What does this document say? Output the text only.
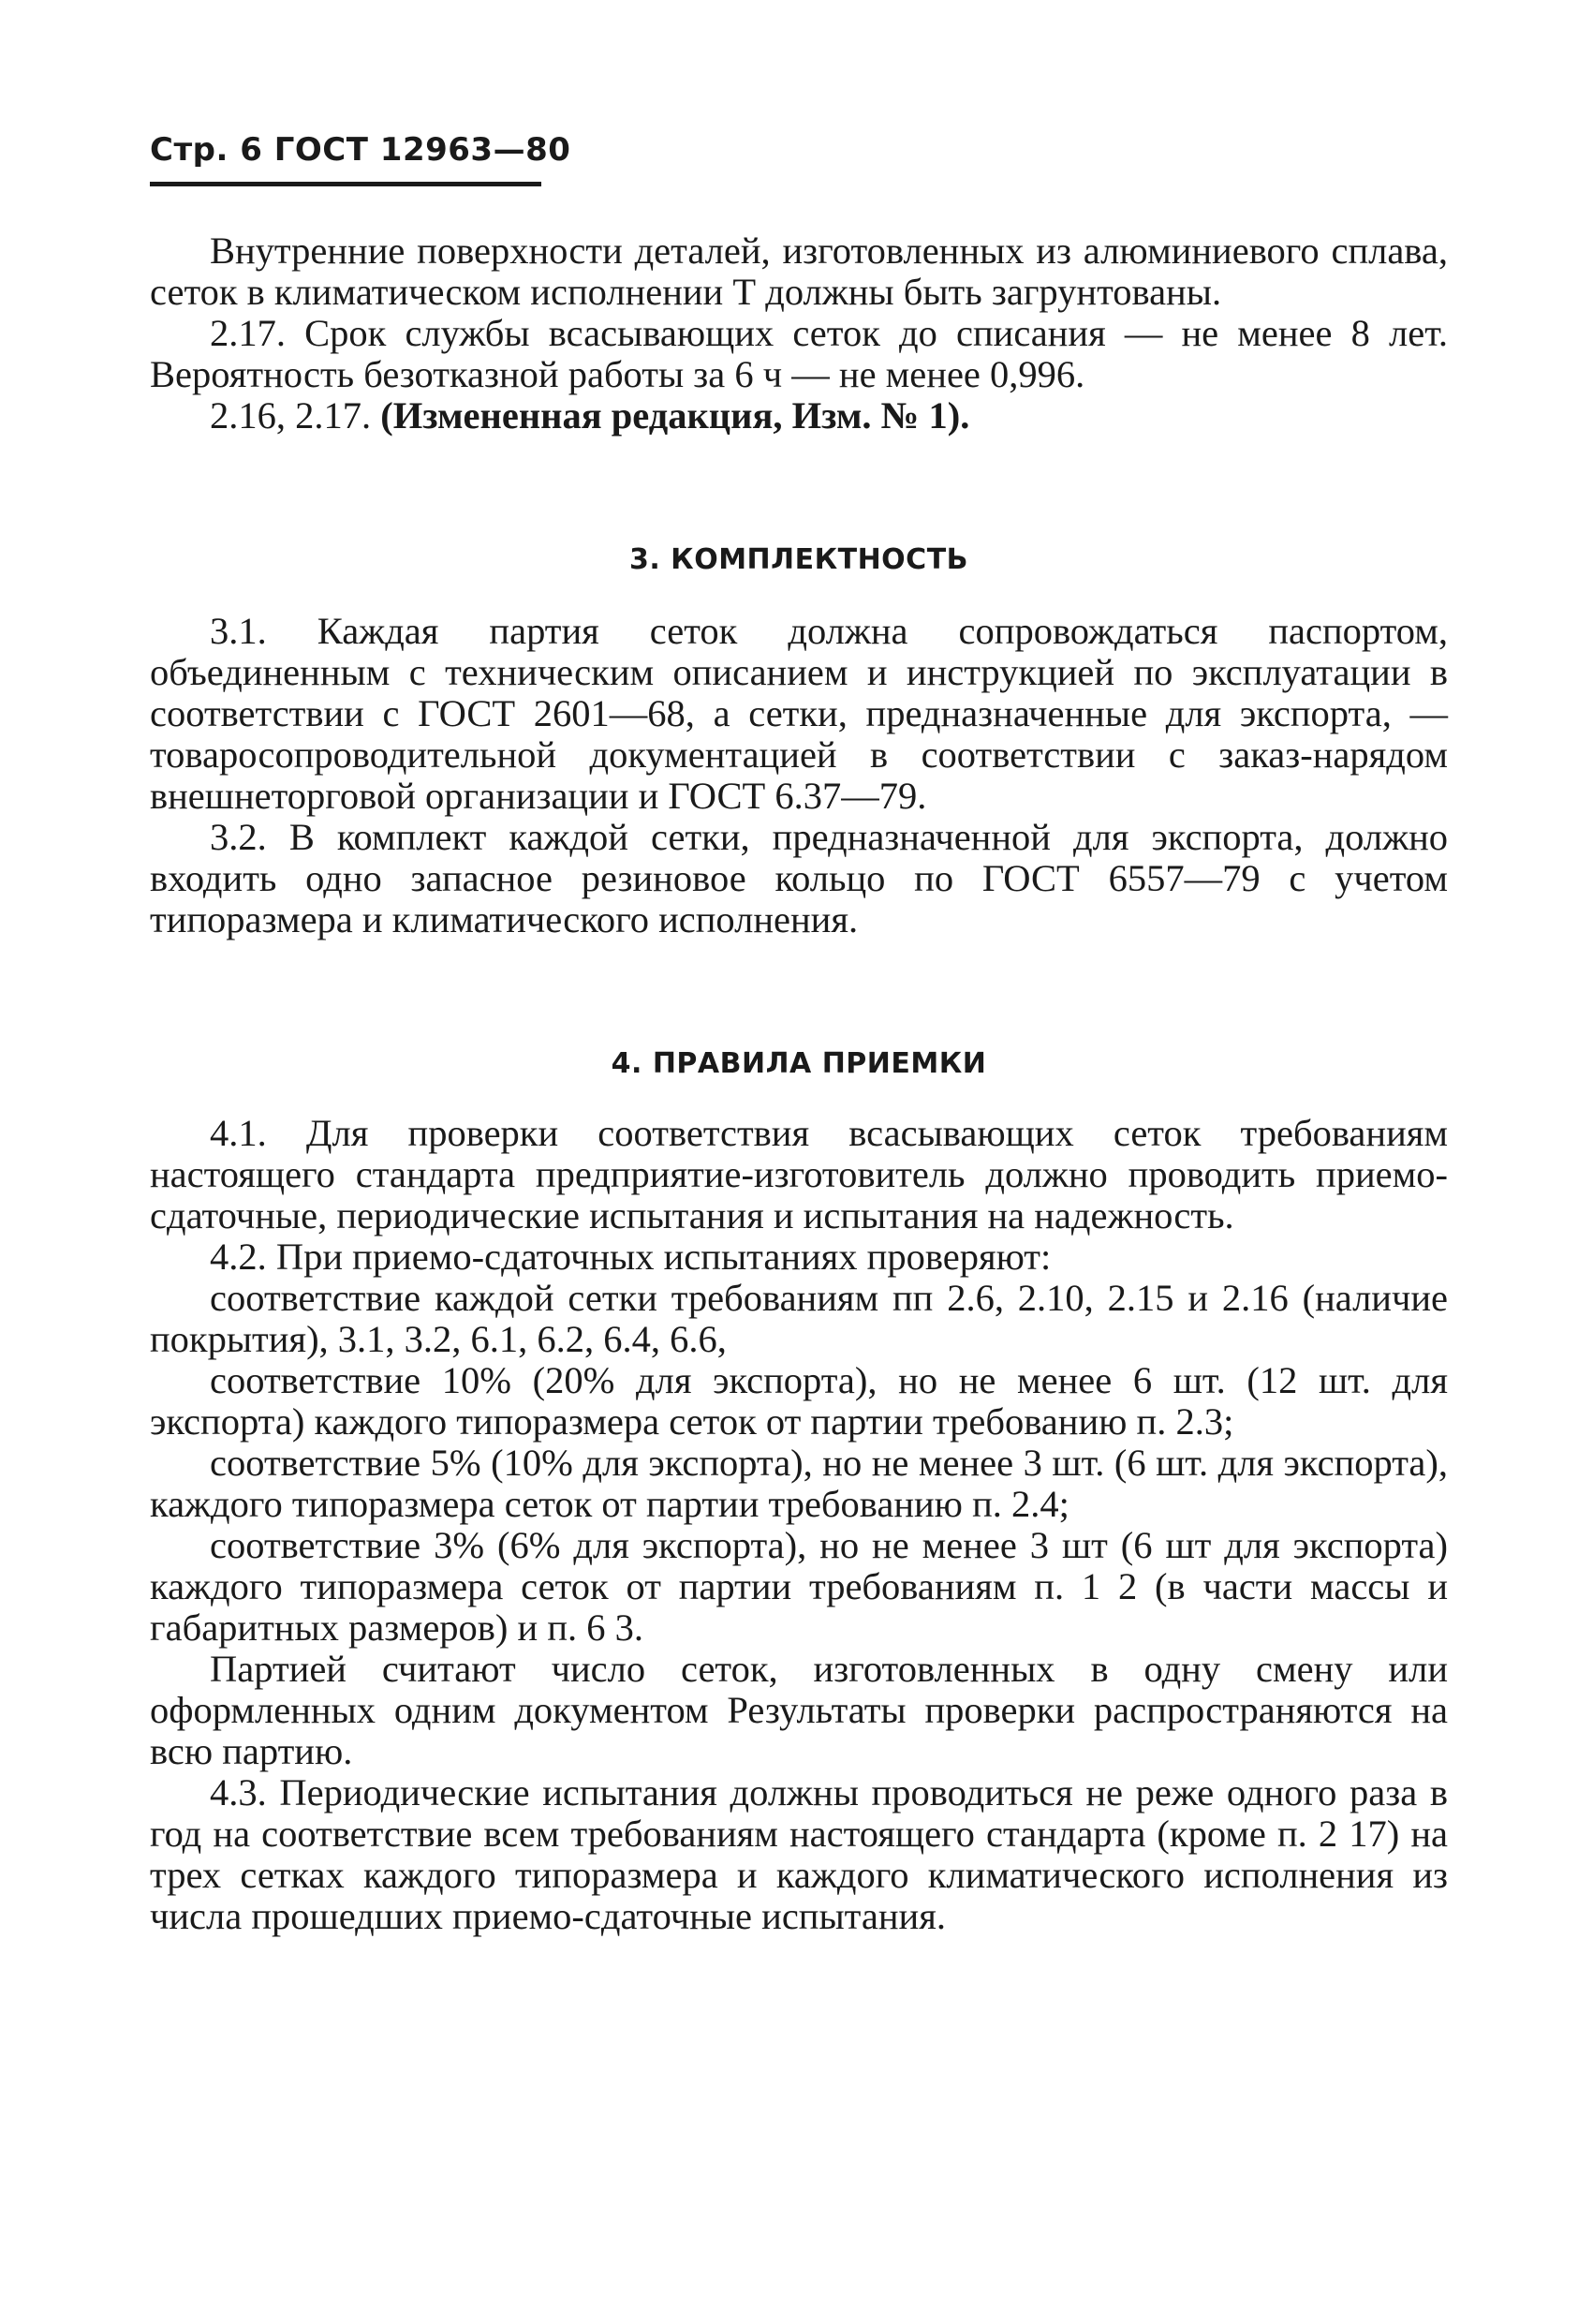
Стр. 6 ГОСТ 12963—80

Внутренние поверхности деталей, изготовленных из алюминиевого сплава, сеток в климатическом исполнении Т должны быть загрунтованы.

2.17. Срок службы всасывающих сеток до списания — не менее 8 лет. Вероятность безотказной работы за 6 ч — не менее 0,996.

2.16, 2.17. (Измененная редакция, Изм. № 1).

3. КОМПЛЕКТНОСТЬ

3.1. Каждая партия сеток должна сопровождаться паспортом, объединенным с техническим описанием и инструкцией по эксплуатации в соответствии с ГОСТ 2601—68, а сетки, предназначенные для экспорта, — товаросопроводительной документацией в соответствии с заказ-нарядом внешнеторговой организации и ГОСТ 6.37—79.

3.2. В комплект каждой сетки, предназначенной для экспорта, должно входить одно запасное резиновое кольцо по ГОСТ 6557—79 с учетом типоразмера и климатического исполнения.

4. ПРАВИЛА ПРИЕМКИ

4.1. Для проверки соответствия всасывающих сеток требованиям настоящего стандарта предприятие-изготовитель должно проводить приемо-сдаточные, периодические испытания и испытания на надежность.

4.2. При приемо-сдаточных испытаниях проверяют:

соответствие каждой сетки требованиям пп 2.6, 2.10, 2.15 и 2.16 (наличие покрытия), 3.1, 3.2, 6.1, 6.2, 6.4, 6.6,

соответствие 10% (20% для экспорта), но не менее 6 шт. (12 шт. для экспорта) каждого типоразмера сеток от партии требованию п. 2.3;

соответствие 5% (10% для экспорта), но не менее 3 шт. (6 шт. для экспорта), каждого типоразмера сеток от партии требованию п. 2.4;

соответствие 3% (6% для экспорта), но не менее 3 шт (6 шт для экспорта) каждого типоразмера сеток от партии требованиям п. 1 2 (в части массы и габаритных размеров) и п. 6 3.

Партией считают число сеток, изготовленных в одну смену или оформленных одним документом Результаты проверки распространяются на всю партию.

4.3. Периодические испытания должны проводиться не реже одного раза в год на соответствие всем требованиям настоящего стандарта (кроме п. 2 17) на трех сетках каждого типоразмера и каждого климатического исполнения из числа прошедших приемо-сдаточные испытания.
